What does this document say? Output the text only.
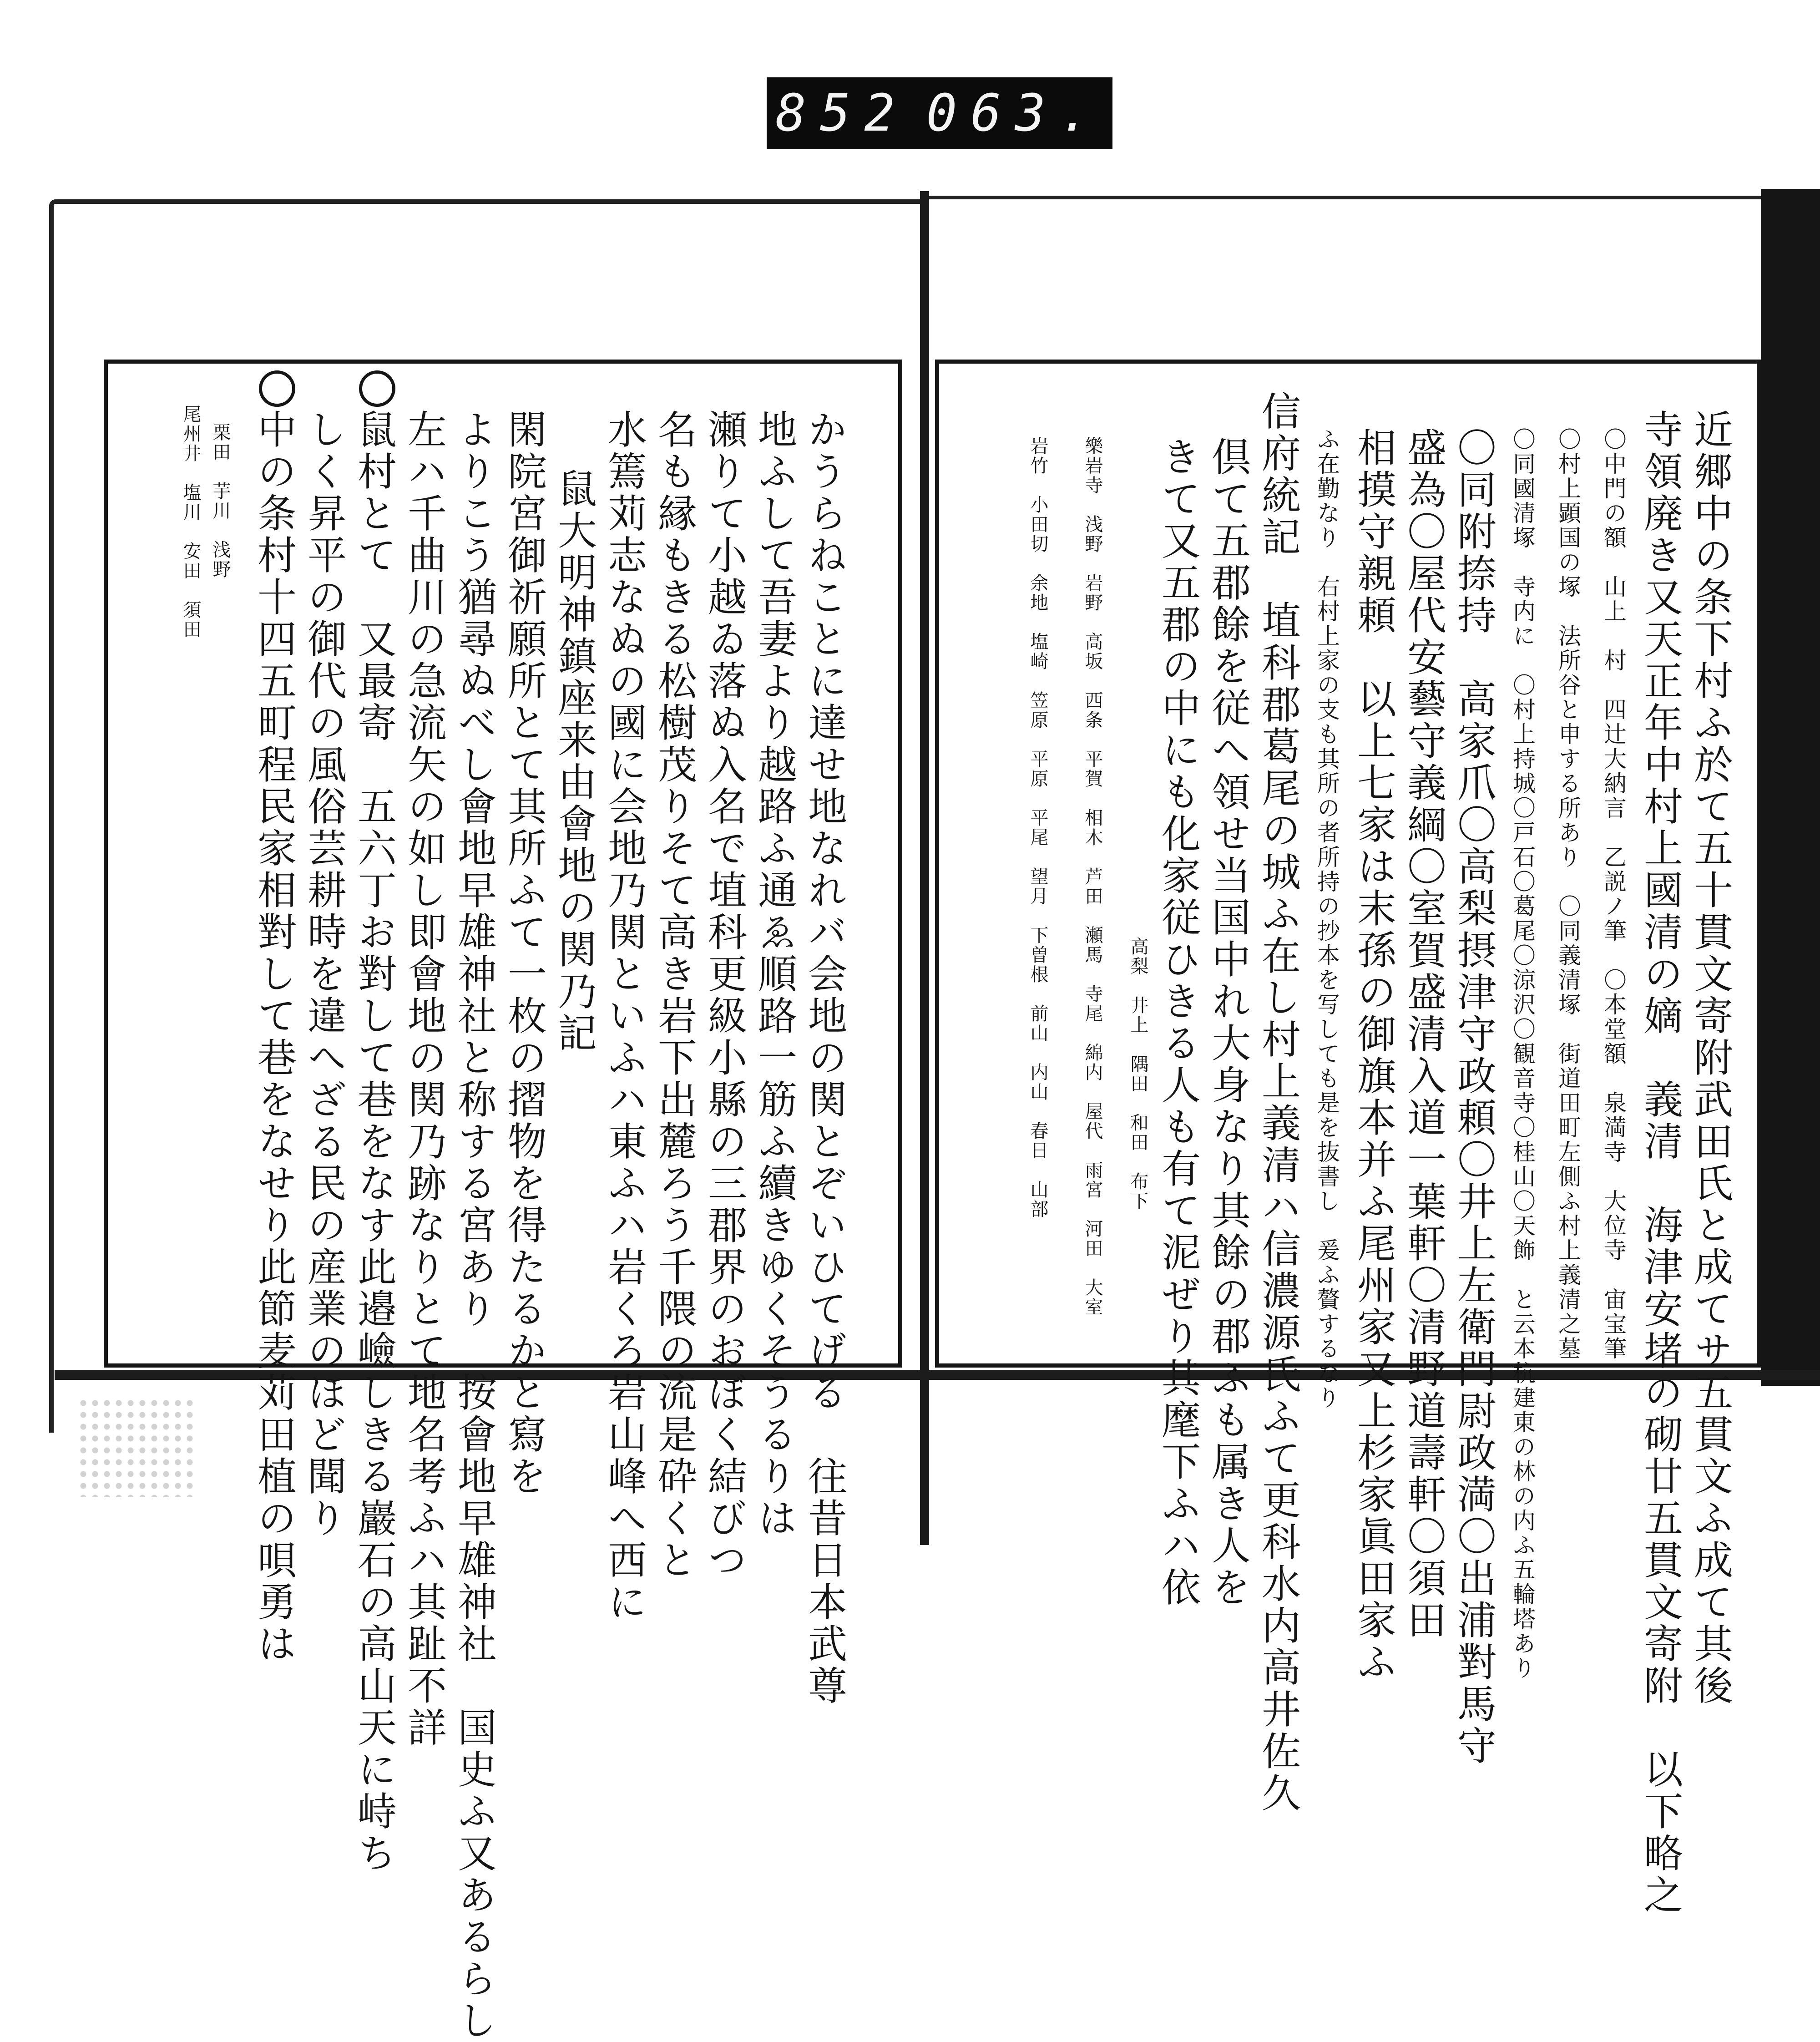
852 063.
尾州井　塩川　安田　須田 栗田　芋川　浅野 中の条村十四五町程民家相對して巷をなせり此節麦苅田植の唄勇は しく昇平の御代の風俗芸耕時を違へざる民の産業のほど聞り 鼠村とて　又最寄　五六丁お對して巷をなす此邉嶮しきる巖石の高山天に峙ち 左ハ千曲川の急流矢の如し即會地の関乃跡なりとて地名考ふハ其趾不詳 よりこう猶尋ぬべし會地早雄神社と称する宮あり　按會地早雄神社　国史ふ又あるらし 閑院宮御祈願所とて其所ふて一枚の摺物を得たるかと寫を 鼠大明神鎮座来由會地の関乃記 水篶苅志なぬの國に会地乃関といふハ東ふハ岩くろ岩山峰へ西に 名も縁もきる松樹茂りそて高き岩下出麓ろう千隈の流是砕くと 瀬りて小越ゐ落ぬ入名で埴科更級小縣の三郡界のおぼく結びつ 地ふして吾妻より越路ふ通ゑ順路一筋ふ續きゆくそうるりは かうらねことに達せ地なれバ会地の関とぞいひてげる　往昔日本武尊	近郷中の条下村ふ於て五十貫文寄附武田氏と成てサ五貫文ふ成て其後
寺領廃き又天正年中村上國清の嫡　義清　海津安堵の砌廿五貫文寄附　以下略之
〇中門の額　山上　村　四辻大納言　乙説ノ筆　〇本堂額　泉満寺　大位寺　宙宝筆
〇村上顕国の塚　法所谷と申する所あり　〇同義清塚　街道田町左側ふ村上義清之墓
〇同國清塚　寺内に　〇村上持城〇戸石〇葛尾〇涼沢〇観音寺〇桂山〇天飾　と云本杭建東の林の内ふ五輪塔あり
〇同附捺持　高家爪〇高梨摂津守政頼〇井上左衛門尉政満〇出浦對馬守
盛為〇屋代安藝守義綱〇室賀盛清入道一葉軒〇清野道壽軒〇須田
相摸守親頼　以上七家は末孫の御旗本并ふ尾州家又上杉家眞田家ふ
ふ在勤なり　右村上家の支も其所の者所持の抄本を写しても是を抜書し　爰ふ贅するなり
信府統記　埴科郡葛尾の城ふ在し村上義清ハ信濃源氏ふて更科水内高井佐久
倶て五郡餘を従へ領せ当国中れ大身なり其餘の郡ふも属き人を
きて又五郡の中にも化家従ひきる人も有て泥ぜり其麾下ふハ依
高梨　井上　隅田　和田　布下
樂岩寺　浅野　岩野　高坂　西条　平賀　相木　芦田　瀬馬　寺尾　綿内　屋代　雨宮　河田　大室
岩竹　小田切　余地　塩崎　笠原　平原　平尾　望月　下曽根　前山　内山　春日　山部
